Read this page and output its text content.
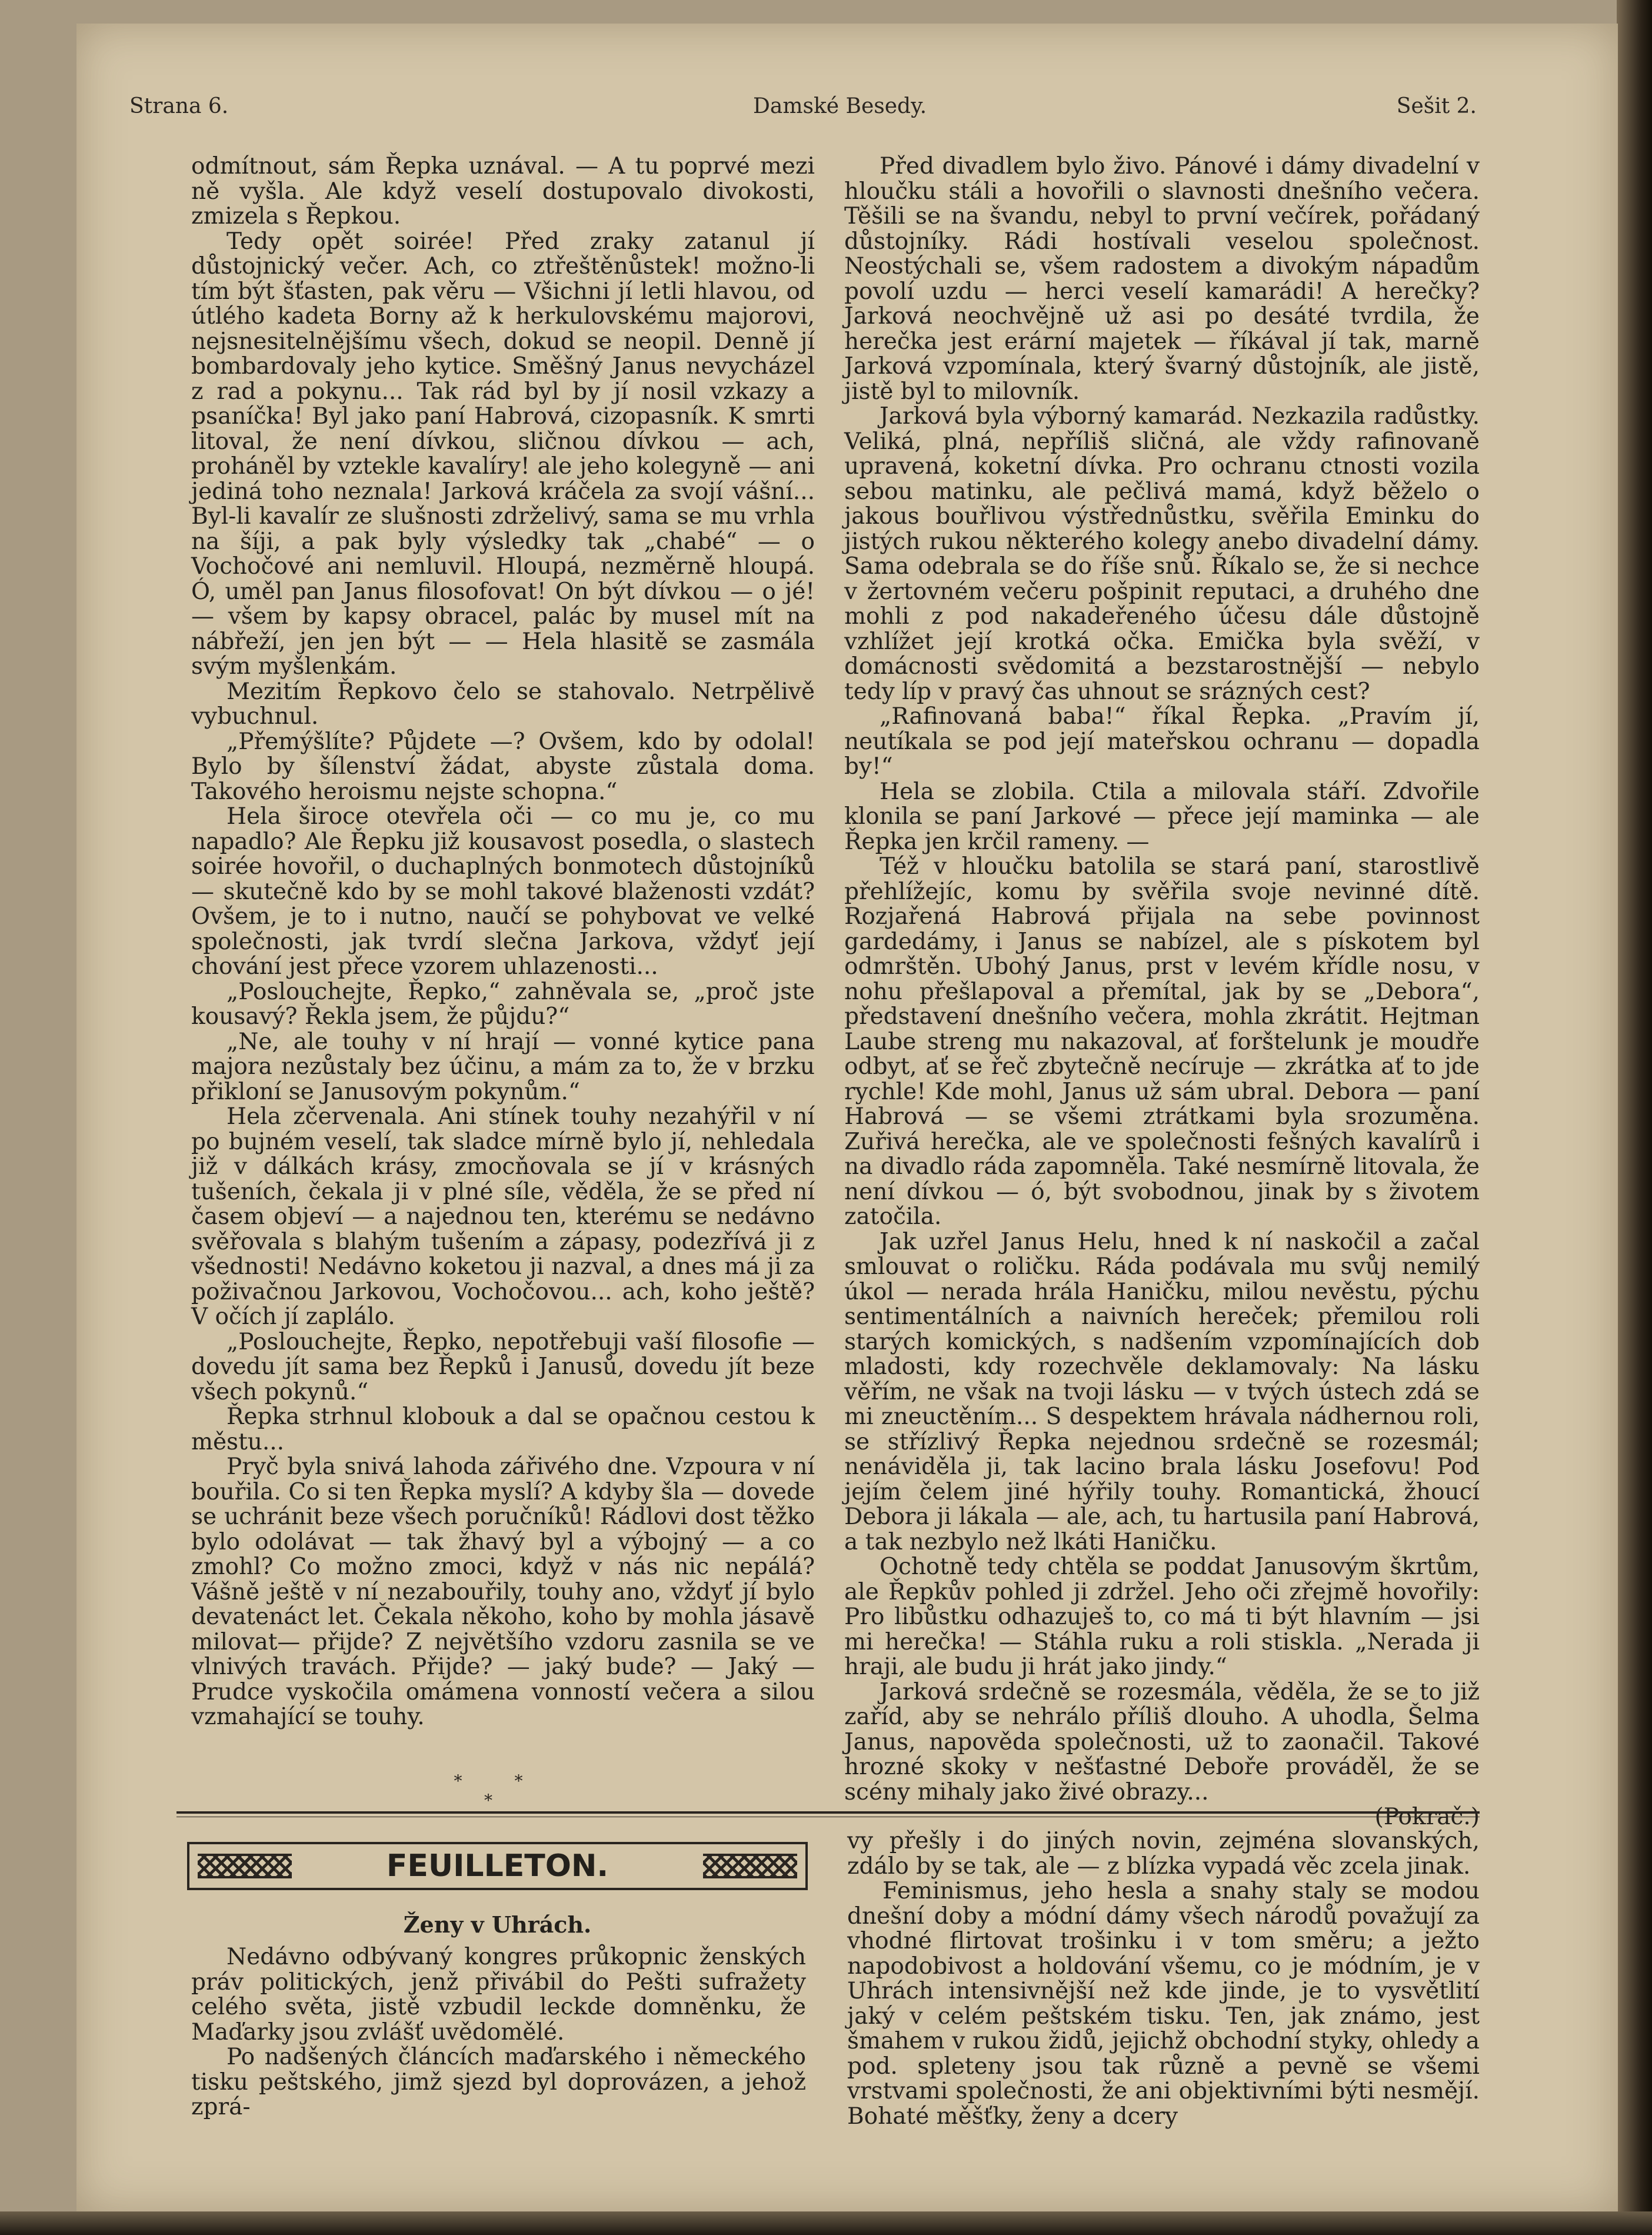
Strana 6.	Damské Besedy.	Sešit 2.

odmítnout, sám Řepka uznával. — A tu poprvé mezi ně vyšla. Ale když veselí dostupovalo divokosti, zmizela s Řepkou.

Tedy opět soirée! Před zraky zatanul jí důstojnický večer. Ach, co ztřeštěnůstek! možno-li tím být šťasten, pak věru — Všichni jí letli hlavou, od útlého kadeta Borny až k herkulovskému majorovi, nejsnesitelnějšímu všech, dokud se neopil. Denně jí bombardovaly jeho kytice. Směšný Janus nevycházel z rad a pokynu... Tak rád byl by jí nosil vzkazy a psaníčka! Byl jako paní Habrová, cizopasník. K smrti litoval, že není dívkou, sličnou dívkou — ach, proháněl by vztekle kavalíry! ale jeho kolegyně — ani jediná toho neznala! Jarková kráčela za svojí vášní... Byl-li kavalír ze slušnosti zdrželivý, sama se mu vrhla na šíji, a pak byly výsledky tak „chabé“ — o Vochočové ani nemluvil. Hloupá, nezměrně hloupá. Ó, uměl pan Janus filosofovat! On být dívkou — o jé! — všem by kapsy obracel, palác by musel mít na nábřeží, jen jen být — — Hela hlasitě se zasmála svým myšlenkám.

Mezitím Řepkovo čelo se stahovalo. Netrpělivě vybuchnul.

„Přemýšlíte? Půjdete —? Ovšem, kdo by odolal! Bylo by šílenství žádat, abyste zůstala doma. Takového heroismu nejste schopna.“

Hela široce otevřela oči — co mu je, co mu napadlo? Ale Řepku již kousavost posedla, o slastech soirée hovořil, o duchaplných bonmotech důstojníků — skutečně kdo by se mohl takové blaženosti vzdát? Ovšem, je to i nutno, naučí se pohybovat ve velké společnosti, jak tvrdí slečna Jarkova, vždyť její chování jest přece vzorem uhlazenosti...

„Poslouchejte, Řepko,“ zahněvala se, „proč jste kousavý? Řekla jsem, že půjdu?“

„Ne, ale touhy v ní hrají — vonné kytice pana majora nezůstaly bez účinu, a mám za to, že v brzku přikloní se Janusovým pokynům.“

Hela zčervenala. Ani stínek touhy nezahýřil v ní po bujném veselí, tak sladce mírně bylo jí, nehledala již v dálkách krásy, zmocňovala se jí v krásných tušeních, čekala ji v plné síle, věděla, že se před ní časem objeví — a najednou ten, kterému se nedávno svěřovala s blahým tušením a zápasy, podezřívá ji z všednosti! Nedávno koketou ji nazval, a dnes má ji za poživačnou Jarkovou, Vochočovou... ach, koho ještě? V očích jí zaplálo.

„Poslouchejte, Řepko, nepotřebuji vaší filosofie — dovedu jít sama bez Řepků i Janusů, dovedu jít beze všech pokynů.“

Řepka strhnul klobouk a dal se opačnou cestou k městu...

Pryč byla snivá lahoda zářivého dne. Vzpoura v ní bouřila. Co si ten Řepka myslí? A kdyby šla — dovede se uchránit beze všech poručníků! Rádlovi dost těžko bylo odolávat — tak žhavý byl a výbojný — a co zmohl? Co možno zmoci, když v nás nic nepálá? Vášně ještě v ní nezabouřily, touhy ano, vždyť jí bylo devatenáct let. Čekala někoho, koho by mohla jásavě milovat— přijde? Z největšího vzdoru zasnila se ve vlnivých travách. Přijde? — jaký bude? — Jaký — Prudce vyskočila omámena vonností večera a silou vzmahající se touhy.

* * *

Před divadlem bylo živo. Pánové i dámy divadelní v hloučku stáli a hovořili o slavnosti dnešního večera. Těšili se na švandu, nebyl to první večírek, pořádaný důstojníky. Rádi hostívali veselou společnost. Neostýchali se, všem radostem a divokým nápadům povolí uzdu — herci veselí kamarádi! A herečky? Jarková neochvějně už asi po desáté tvrdila, že herečka jest erární majetek — říkával jí tak, marně Jarková vzpomínala, který švarný důstojník, ale jistě, jistě byl to milovník.

Jarková byla výborný kamarád. Nezkazila radůstky. Veliká, plná, nepříliš sličná, ale vždy rafinovaně upravená, koketní dívka. Pro ochranu ctnosti vozila sebou matinku, ale pečlivá mamá, když běželo o jakous bouřlivou výstřednůstku, svěřila Eminku do jistých rukou některého kolegy anebo divadelní dámy. Sama odebrala se do říše snů. Říkalo se, že si nechce v žertovném večeru pošpinit reputaci, a druhého dne mohli z pod nakadeřeného účesu dále důstojně vzhlížet její krotká očka. Emička byla svěží, v domácnosti svědomitá a bezstarostnější — nebylo tedy líp v pravý čas uhnout se srázných cest?

„Rafinovaná baba!“ říkal Řepka. „Pravím jí, neutíkala se pod její mateřskou ochranu — dopadla by!“

Hela se zlobila. Ctila a milovala stáří. Zdvořile klonila se paní Jarkové — přece její maminka — ale Řepka jen krčil rameny. —

Též v hloučku batolila se stará paní, starostlivě přehlížejíc, komu by svěřila svoje nevinné dítě. Rozjařená Habrová přijala na sebe povinnost gardedámy, i Janus se nabízel, ale s pískotem byl odmrštěn. Ubohý Janus, prst v levém křídle nosu, v nohu přešlapoval a přemítal, jak by se „Debora“, představení dnešního večera, mohla zkrátit. Hejtman Laube streng mu nakazoval, ať forštelunk je moudře odbyt, ať se řeč zbytečně necíruje — zkrátka ať to jde rychle! Kde mohl, Janus už sám ubral. Debora — paní Habrová — se všemi ztrátkami byla srozuměna. Zuřivá herečka, ale ve společnosti fešných kavalírů i na divadlo ráda zapomněla. Také nesmírně litovala, že není dívkou — ó, být svobodnou, jinak by s životem zatočila.

Jak uzřel Janus Helu, hned k ní naskočil a začal smlouvat o roličku. Ráda podávala mu svůj nemilý úkol — nerada hrála Haničku, milou nevěstu, pýchu sentimentálních a naivních hereček; přemilou roli starých komických, s nadšením vzpomínajících dob mladosti, kdy rozechvěle deklamovaly: Na lásku věřím, ne však na tvoji lásku — v tvých ústech zdá se mi zneuctěním... S despektem hrávala nádhernou roli, se střízlivý Řepka nejednou srdečně se rozesmál; nenáviděla ji, tak lacino brala lásku Josefovu! Pod jejím čelem jiné hýřily touhy. Romantická, žhoucí Debora ji lákala — ale, ach, tu hartusila paní Habrová, a tak nezbylo než lkáti Haničku.

Ochotně tedy chtěla se poddat Janusovým škrtům, ale Řepkův pohled ji zdržel. Jeho oči zřejmě hovořily: Pro libůstku odhazuješ to, co má ti být hlavním — jsi mi herečka! — Stáhla ruku a roli stiskla. „Nerada ji hraji, ale budu ji hrát jako jindy.“

Jarková srdečně se rozesmála, věděla, že se to již zaříd, aby se nehrálo příliš dlouho. A uhodla, Šelma Janus, napověda společnosti, už to zaonačil. Takové hrozné skoky v nešťastné Deboře prováděl, že se scény mihaly jako živé obrazy...

(Pokrač.)

FEUILLETON.
Ženy v Uhrách.

Nedávno odbývaný kongres průkopnic ženských práv politických, jenž přivábil do Pešti sufražety celého světa, jistě vzbudil leckde domněnku, že Maďarky jsou zvlášť uvědomělé.

Po nadšených článcích maďarského i německého tisku peštského, jimž sjezd byl doprovázen, a jehož zprá-

vy přešly i do jiných novin, zejména slovanských, zdálo by se tak, ale — z blízka vypadá věc zcela jinak.

Feminismus, jeho hesla a snahy staly se modou dnešní doby a módní dámy všech národů považují za vhodné flirtovat trošinku i v tom směru; a ježto napodobivost a holdování všemu, co je módním, je v Uhrách intensivnější než kde jinde, je to vysvětlití jaký v celém peštském tisku. Ten, jak známo, jest šmahem v rukou židů, jejichž obchodní styky, ohledy a pod. spleteny jsou tak různě a pevně se všemi vrstvami společnosti, že ani objektivními býti nesmějí. Bohaté měšťky, ženy a dcery
